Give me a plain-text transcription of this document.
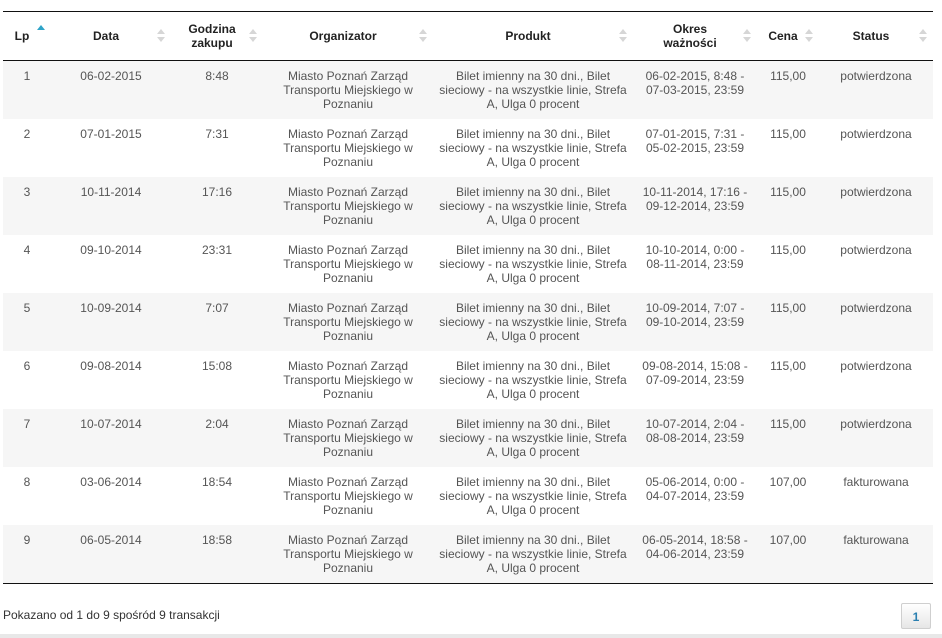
Lp	Data	Godzina zakupu	Organizator	Produkt	Okres ważności	Cena	Status

1	06-02-2015	8:48	Miasto Poznań Zarząd Transportu Miejskiego w Poznaniu	Bilet imienny na 30 dni., Bilet sieciowy - na wszystkie linie, Strefa A, Ulga 0 procent	06-02-2015, 8:48 - 07-03-2015, 23:59	115,00	potwierdzona
2	07-01-2015	7:31	Miasto Poznań Zarząd Transportu Miejskiego w Poznaniu	Bilet imienny na 30 dni., Bilet sieciowy - na wszystkie linie, Strefa A, Ulga 0 procent	07-01-2015, 7:31 - 05-02-2015, 23:59	115,00	potwierdzona
3	10-11-2014	17:16	Miasto Poznań Zarząd Transportu Miejskiego w Poznaniu	Bilet imienny na 30 dni., Bilet sieciowy - na wszystkie linie, Strefa A, Ulga 0 procent	10-11-2014, 17:16 - 09-12-2014, 23:59	115,00	potwierdzona
4	09-10-2014	23:31	Miasto Poznań Zarząd Transportu Miejskiego w Poznaniu	Bilet imienny na 30 dni., Bilet sieciowy - na wszystkie linie, Strefa A, Ulga 0 procent	10-10-2014, 0:00 - 08-11-2014, 23:59	115,00	potwierdzona
5	10-09-2014	7:07	Miasto Poznań Zarząd Transportu Miejskiego w Poznaniu	Bilet imienny na 30 dni., Bilet sieciowy - na wszystkie linie, Strefa A, Ulga 0 procent	10-09-2014, 7:07 - 09-10-2014, 23:59	115,00	potwierdzona
6	09-08-2014	15:08	Miasto Poznań Zarząd Transportu Miejskiego w Poznaniu	Bilet imienny na 30 dni., Bilet sieciowy - na wszystkie linie, Strefa A, Ulga 0 procent	09-08-2014, 15:08 - 07-09-2014, 23:59	115,00	potwierdzona
7	10-07-2014	2:04	Miasto Poznań Zarząd Transportu Miejskiego w Poznaniu	Bilet imienny na 30 dni., Bilet sieciowy - na wszystkie linie, Strefa A, Ulga 0 procent	10-07-2014, 2:04 - 08-08-2014, 23:59	115,00	potwierdzona
8	03-06-2014	18:54	Miasto Poznań Zarząd Transportu Miejskiego w Poznaniu	Bilet imienny na 30 dni., Bilet sieciowy - na wszystkie linie, Strefa A, Ulga 0 procent	05-06-2014, 0:00 - 04-07-2014, 23:59	107,00	fakturowana
9	06-05-2014	18:58	Miasto Poznań Zarząd Transportu Miejskiego w Poznaniu	Bilet imienny na 30 dni., Bilet sieciowy - na wszystkie linie, Strefa A, Ulga 0 procent	06-05-2014, 18:58 - 04-06-2014, 23:59	107,00	fakturowana
Pokazano od 1 do 9 spośród 9 transakcji	1
